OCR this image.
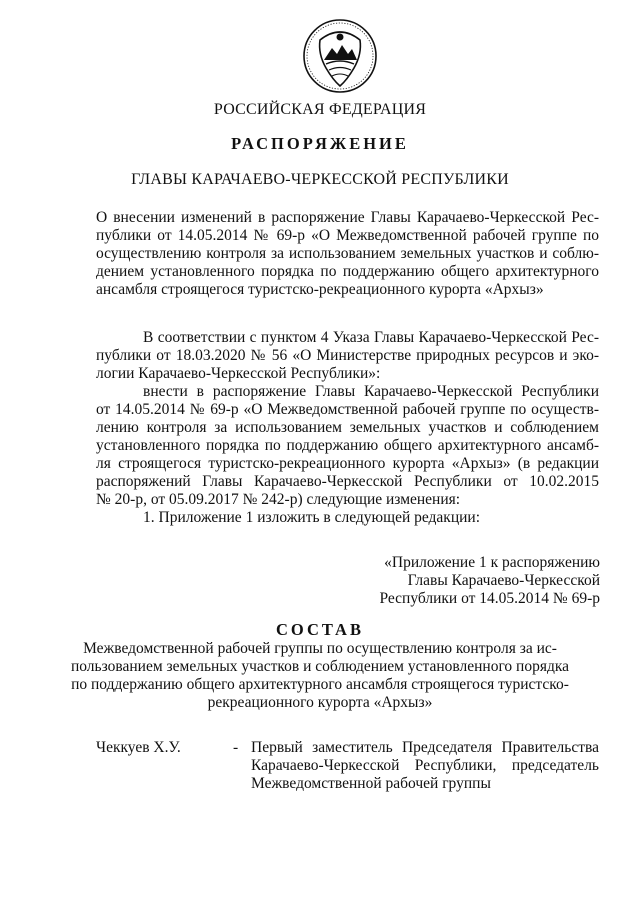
РОССИЙСКАЯ ФЕДЕРАЦИЯ
РАСПОРЯЖЕНИЕ
ГЛАВЫ КАРАЧАЕВО-ЧЕРКЕССКОЙ РЕСПУБЛИКИ
О внесении изменений в распоряжение Главы Карачаево-Черкесской Рес-
публики от 14.05.2014 № 69-р «О Межведомственной рабочей группе по
осуществлению контроля за использованием земельных участков и соблю-
дением установленного порядка по поддержанию общего архитектурного
ансамбля строящегося туристско-рекреационного курорта «Архыз»
В соответствии с пунктом 4 Указа Главы Карачаево-Черкесской Рес-
публики от 18.03.2020 № 56 «О Министерстве природных ресурсов и эко-
логии Карачаево-Черкесской Республики»:
внести в распоряжение Главы Карачаево-Черкесской Республики
от 14.05.2014 № 69-р «О Межведомственной рабочей группе по осуществ-
лению контроля за использованием земельных участков и соблюдением
установленного порядка по поддержанию общего архитектурного ансамб-
ля строящегося туристско-рекреационного курорта «Архыз» (в редакции
распоряжений Главы Карачаево-Черкесской Республики от 10.02.2015
№ 20-р, от 05.09.2017 № 242-р) следующие изменения:
1. Приложение 1 изложить в следующей редакции:
«Приложение 1 к распоряжению
Главы Карачаево-Черкесской
Республики от 14.05.2014 № 69-р
СОСТАВ
Межведомственной рабочей группы по осуществлению контроля за ис-
пользованием земельных участков и соблюдением установленного порядка
по поддержанию общего архитектурного ансамбля строящегося туристско-
рекреационного курорта «Архыз»
Чеккуев Х.У.	- Первый заместитель Председателя Правительства
Карачаево-Черкесской Республики, председатель
Межведомственной рабочей группы
